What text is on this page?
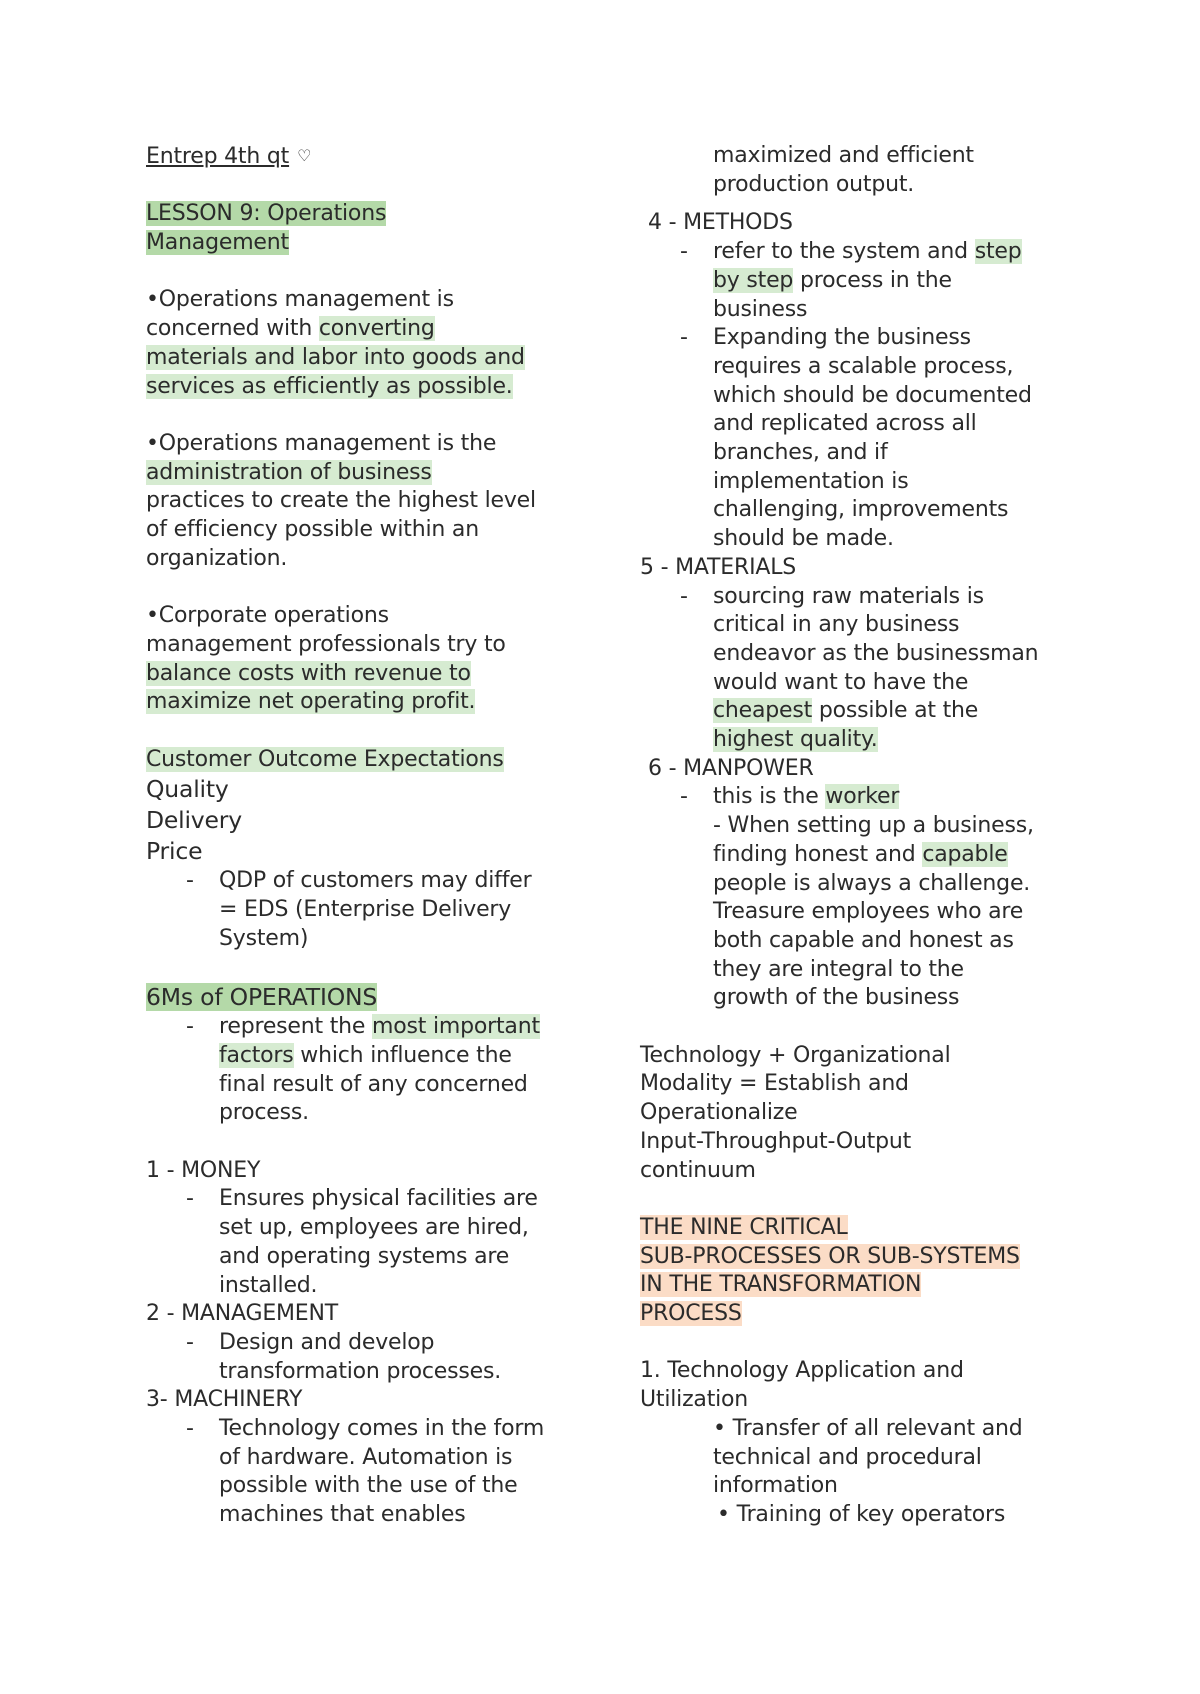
Entrep 4th qt ♡
LESSON 9: Operations
Management
•Operations management is
concerned with converting
materials and labor into goods and
services as efficiently as possible.
•Operations management is the
administration of business
practices to create the highest level
of efficiency possible within an
organization.
•Corporate operations
management professionals try to
balance costs with revenue to
maximize net operating profit.
Customer Outcome Expectations
Quality
Delivery
Price
- QDP of customers may differ
= EDS (Enterprise Delivery
System)
6Ms of OPERATIONS
- represent the most important
factors which influence the
final result of any concerned
process.
1 - MONEY
- Ensures physical facilities are
set up, employees are hired,
and operating systems are
installed.
2 - MANAGEMENT
- Design and develop
transformation processes.
3- MACHINERY
- Technology comes in the form
of hardware. Automation is
possible with the use of the
machines that enables
maximized and efficient
production output.
4 - METHODS
- refer to the system and step
by step process in the
business
- Expanding the business
requires a scalable process,
which should be documented
and replicated across all
branches, and if
implementation is
challenging, improvements
should be made.
5 - MATERIALS
- sourcing raw materials is
critical in any business
endeavor as the businessman
would want to have the
cheapest possible at the
highest quality.
6 - MANPOWER
- this is the worker
- When setting up a business,
finding honest and capable
people is always a challenge.
Treasure employees who are
both capable and honest as
they are integral to the
growth of the business
Technology + Organizational
Modality = Establish and
Operationalize
Input-Throughput-Output
continuum
THE NINE CRITICAL
SUB-PROCESSES OR SUB-SYSTEMS
IN THE TRANSFORMATION
PROCESS
1. Technology Application and
Utilization
• Transfer of all relevant and
technical and procedural
information
• Training of key operators
